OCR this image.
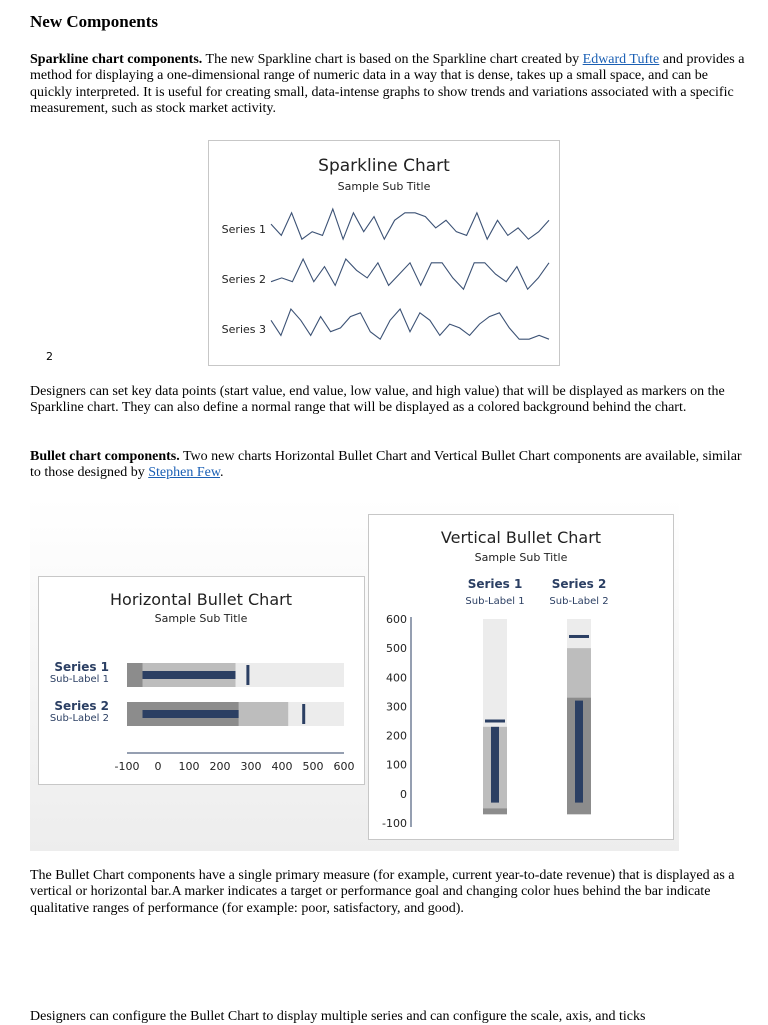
New Components

Sparkline chart components. The new Sparkline chart is based on the Sparkline chart created by Edward Tufte and provides a method for displaying a one-dimensional range of numeric data in a way that is dense, takes up a small space, and can be quickly interpreted. It is useful for creating small, data-intense graphs to show trends and variations associated with a specific measurement, such as stock market activity.

Sparkline Chart
Sample Sub Title
Series 1
Series 2
Series 3
2

Designers can set key data points (start value, end value, low value, and high value) that will be displayed as markers on the Sparkline chart. They can also define a normal range that will be displayed as a colored background behind the chart.

Bullet chart components. Two new charts Horizontal Bullet Chart and Vertical Bullet Chart components are available, similar to those designed by Stephen Few.

Horizontal Bullet Chart
Sample Sub Title
Series 1
Sub-Label 1
Series 2
Sub-Label 2
-100 0 100 200 300 400 500 600
Vertical Bullet Chart
Sample Sub Title
600
500
400
300
200
100
0
-100
Series 1
Sub-Label 1
Series 2
Sub-Label 2

The Bullet Chart components have a single primary measure (for example, current year-to-date revenue) that is displayed as a vertical or horizontal bar.A marker indicates a target or performance goal and changing color hues behind the bar indicate qualitative ranges of performance (for example: poor, satisfactory, and good).

Designers can configure the Bullet Chart to display multiple series and can configure the scale, axis, and ticks
